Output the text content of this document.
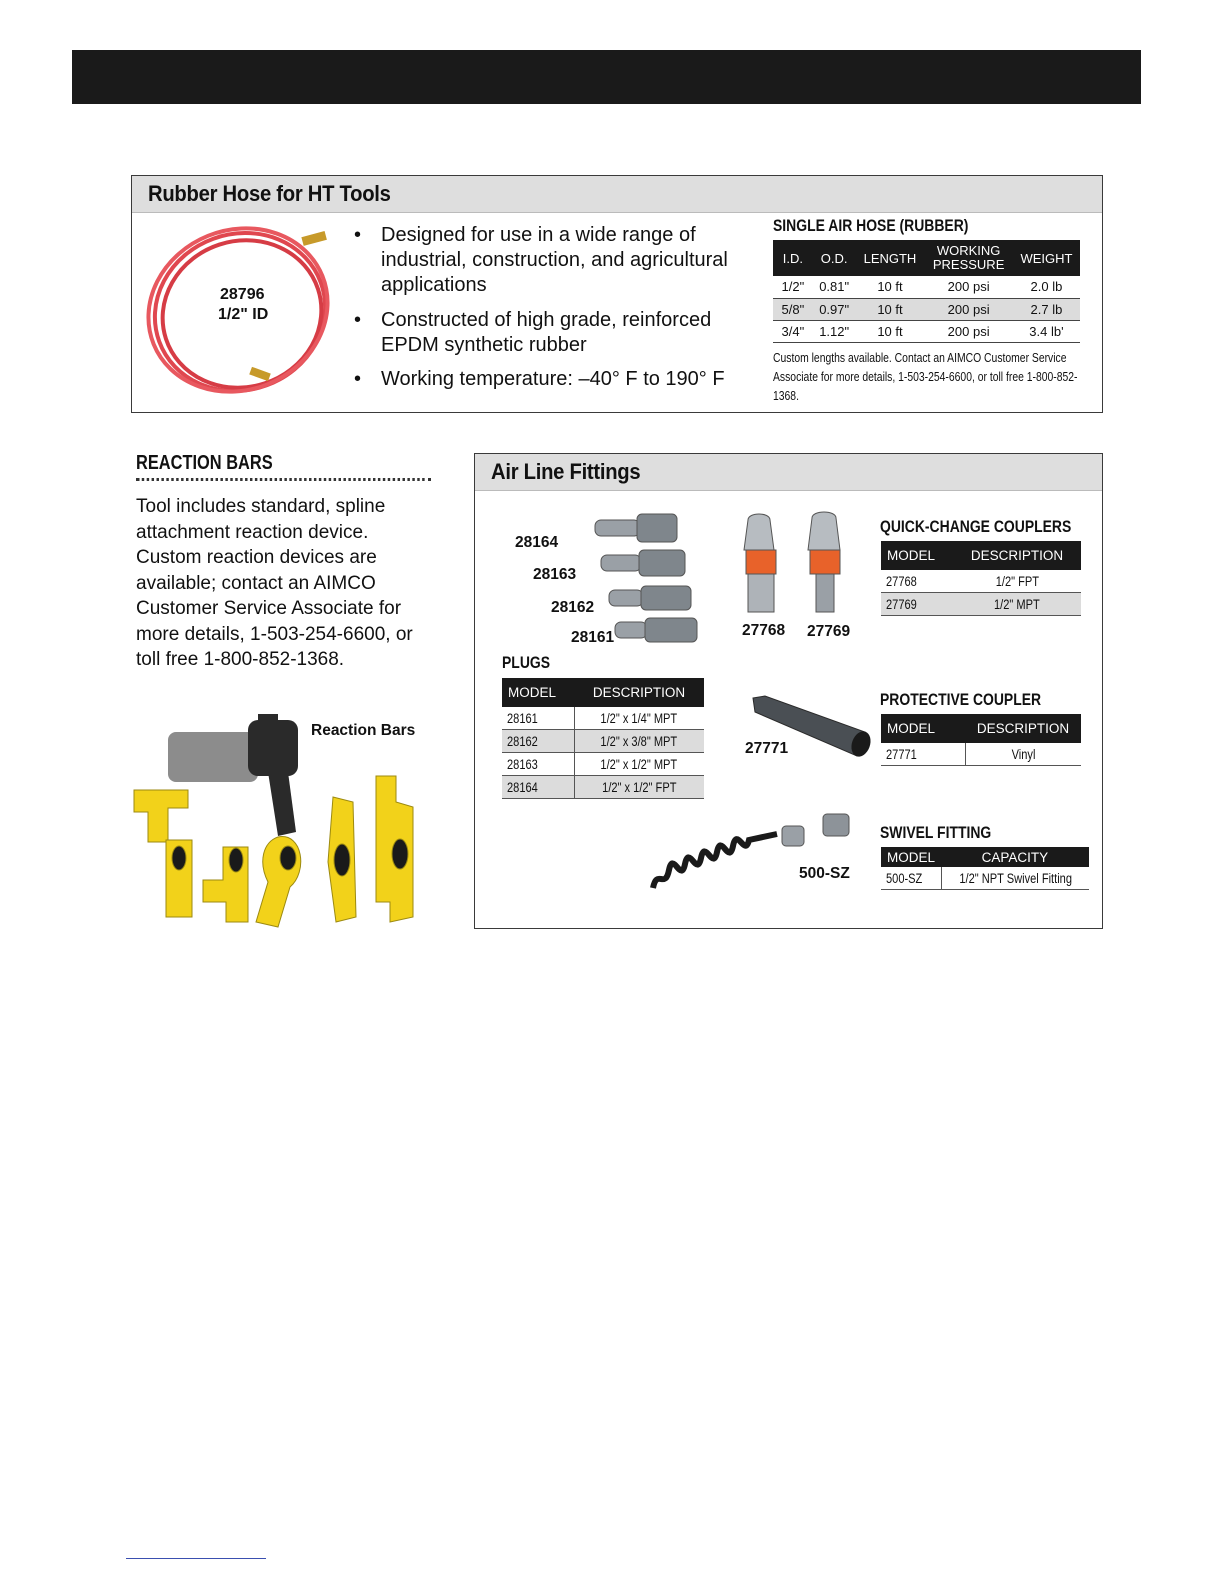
Rubber Hose for HT Tools
28796
1/2" ID
• Designed for use in a wide range of industrial, construction, and agricultural applications
• Constructed of high grade, reinforced EPDM synthetic rubber
• Working temperature: –40° F to 190° F
SINGLE AIR HOSE (RUBBER)
I.D.	O.D.	LENGTH	WORKING PRESSURE	WEIGHT
1/2"	0.81"	10 ft	200 psi	2.0 lb
5/8"	0.97"	10 ft	200 psi	2.7 lb
3/4"	1.12"	10 ft	200 psi	3.4 lb'
Custom lengths available. Contact an AIMCO Customer Service Associate for more details, 1-503-254-6600, or toll free 1-800-852-1368.
REACTION BARS
Tool includes standard, spline attachment reaction device. Custom reaction devices are available; contact an AIMCO Customer Service Associate for more details, 1-503-254-6600, or toll free 1-800-852-1368.
Reaction Bars
Air Line Fittings
28164
28163
28162
28161
PLUGS
MODEL	DESCRIPTION
28161	1/2" x 1/4" MPT
28162	1/2" x 3/8" MPT
28163	1/2" x 1/2" MPT
28164	1/2" x 1/2" FPT
27768 27769
QUICK-CHANGE COUPLERS
MODEL	DESCRIPTION
27768	1/2" FPT
27769	1/2" MPT
27771
PROTECTIVE COUPLER
MODEL	DESCRIPTION
27771	Vinyl
500-SZ
SWIVEL FITTING
MODEL	CAPACITY
500-SZ	1/2" NPT Swivel Fitting
